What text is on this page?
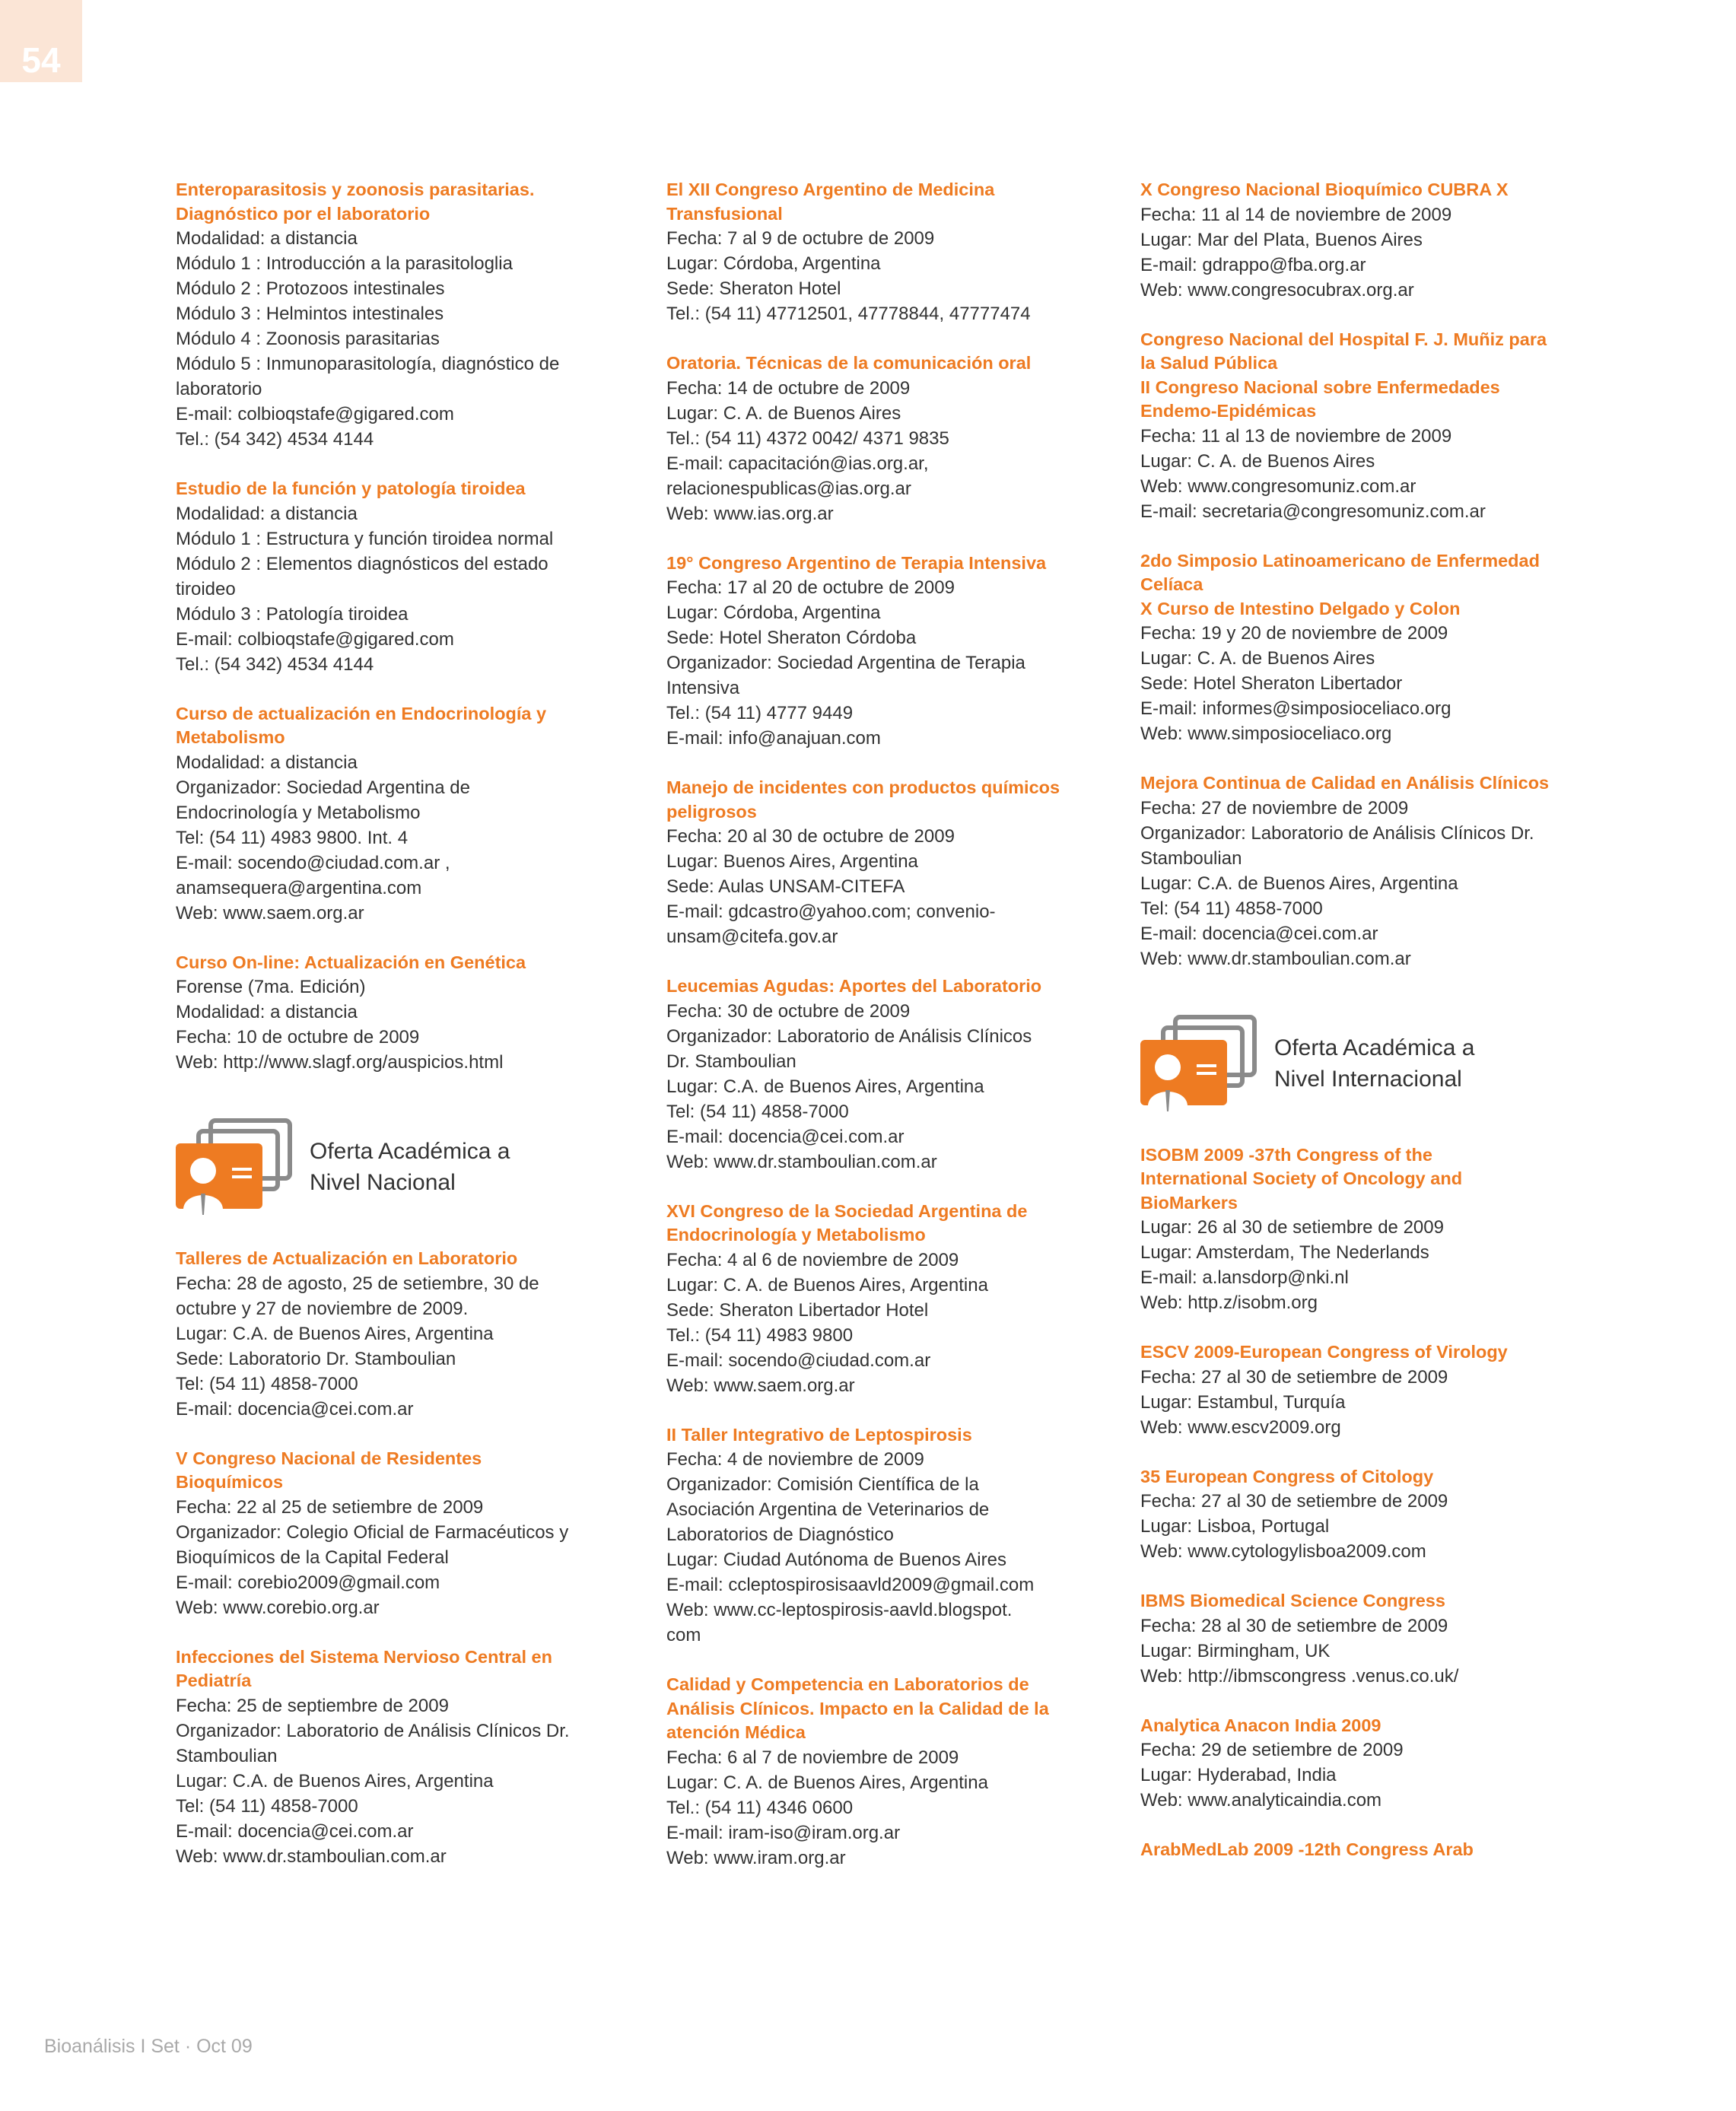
54
Enteroparasitosis y zoonosis parasitarias.
Diagnóstico por el laboratorio
Modalidad: a distancia
Módulo 1 : Introducción a la parasitologlia
Módulo 2 : Protozoos intestinales
Módulo 3 : Helmintos intestinales
Módulo 4 : Zoonosis parasitarias
Módulo 5 : Inmunoparasitología, diagnóstico de
laboratorio
E-mail: colbioqstafe@gigared.com
Tel.: (54 342) 4534 4144
Estudio de la función y patología tiroidea
Modalidad: a distancia
Módulo 1 : Estructura y función tiroidea normal
Módulo 2 : Elementos diagnósticos del estado
tiroideo
Módulo 3 : Patología tiroidea
E-mail: colbioqstafe@gigared.com
Tel.: (54 342) 4534 4144
Curso de actualización en Endocrinología y
Metabolismo
Modalidad: a distancia
Organizador: Sociedad Argentina de
Endocrinología y Metabolismo
Tel: (54 11) 4983 9800. Int. 4
E-mail: socendo@ciudad.com.ar ,
anamsequera@argentina.com
Web: www.saem.org.ar
Curso On-line: Actualización en Genética
Forense (7ma. Edición)
Modalidad: a distancia
Fecha: 10 de octubre de 2009
Web: http://www.slagf.org/auspicios.html
Oferta Académica a
Nivel Nacional
Talleres de Actualización en Laboratorio
Fecha: 28 de agosto, 25 de setiembre, 30 de
octubre y 27 de noviembre de 2009.
Lugar: C.A. de Buenos Aires, Argentina
Sede: Laboratorio Dr. Stamboulian
Tel: (54 11) 4858-7000
E-mail: docencia@cei.com.ar
V Congreso Nacional de Residentes
Bioquímicos
Fecha: 22 al 25 de setiembre de 2009
Organizador: Colegio Oficial de Farmacéuticos y
Bioquímicos de la Capital Federal
E-mail: corebio2009@gmail.com
Web: www.corebio.org.ar
Infecciones del Sistema Nervioso Central en
Pediatría
Fecha: 25 de septiembre de 2009
Organizador: Laboratorio de Análisis Clínicos Dr.
Stamboulian
Lugar: C.A. de Buenos Aires, Argentina
Tel: (54 11) 4858-7000
E-mail: docencia@cei.com.ar
Web: www.dr.stamboulian.com.ar
El XII Congreso Argentino de Medicina
Transfusional
Fecha: 7 al 9 de octubre de 2009
Lugar: Córdoba, Argentina
Sede: Sheraton Hotel
Tel.: (54 11) 47712501, 47778844, 47777474
Oratoria. Técnicas de la comunicación oral
Fecha: 14 de octubre de 2009
Lugar: C. A. de Buenos Aires
Tel.: (54 11) 4372 0042/ 4371 9835
E-mail: capacitación@ias.org.ar,
relacionespublicas@ias.org.ar
Web: www.ias.org.ar
19° Congreso Argentino de Terapia Intensiva
Fecha: 17 al 20 de octubre de 2009
Lugar: Córdoba, Argentina
Sede: Hotel Sheraton Córdoba
Organizador: Sociedad Argentina de Terapia
Intensiva
Tel.: (54 11) 4777 9449
E-mail: info@anajuan.com
Manejo de incidentes con productos químicos
peligrosos
Fecha: 20 al 30 de octubre de 2009
Lugar: Buenos Aires, Argentina
Sede: Aulas UNSAM-CITEFA
E-mail: gdcastro@yahoo.com; convenio-
unsam@citefa.gov.ar
Leucemias Agudas: Aportes del Laboratorio
Fecha: 30 de octubre de 2009
Organizador: Laboratorio de Análisis Clínicos
Dr. Stamboulian
Lugar: C.A. de Buenos Aires, Argentina
Tel: (54 11) 4858-7000
E-mail: docencia@cei.com.ar
Web: www.dr.stamboulian.com.ar
XVI Congreso de la Sociedad Argentina de
Endocrinología y Metabolismo
Fecha: 4 al 6 de noviembre de 2009
Lugar: C. A. de Buenos Aires, Argentina
Sede: Sheraton Libertador Hotel
Tel.: (54 11) 4983 9800
E-mail: socendo@ciudad.com.ar
Web: www.saem.org.ar
II Taller Integrativo de Leptospirosis
Fecha: 4 de noviembre de 2009
Organizador: Comisión Científica de la
Asociación Argentina de Veterinarios de
Laboratorios de Diagnóstico
Lugar: Ciudad Autónoma de Buenos Aires
E-mail: ccleptospirosisaavld2009@gmail.com
Web: www.cc-leptospirosis-aavld.blogspot.
com
Calidad y Competencia en Laboratorios de
Análisis Clínicos. Impacto en la Calidad de la
atención Médica
Fecha: 6 al 7 de noviembre de 2009
Lugar: C. A. de Buenos Aires, Argentina
Tel.: (54 11) 4346 0600
E-mail: iram-iso@iram.org.ar
Web: www.iram.org.ar
X Congreso Nacional Bioquímico CUBRA X
Fecha: 11 al 14 de noviembre de 2009
Lugar: Mar del Plata, Buenos Aires
E-mail: gdrappo@fba.org.ar
Web: www.congresocubrax.org.ar
Congreso Nacional del Hospital F. J. Muñiz para
la Salud Pública
II Congreso Nacional sobre Enfermedades
Endemo-Epidémicas
Fecha: 11 al 13 de noviembre de 2009
Lugar: C. A. de Buenos Aires
Web: www.congresomuniz.com.ar
E-mail: secretaria@congresomuniz.com.ar
2do Simposio Latinoamericano de Enfermedad
Celíaca
X Curso de Intestino Delgado y Colon
Fecha: 19 y 20 de noviembre de 2009
Lugar: C. A. de Buenos Aires
Sede: Hotel Sheraton Libertador
E-mail: informes@simposioceliaco.org
Web: www.simposioceliaco.org
Mejora Continua de Calidad en Análisis Clínicos
Fecha: 27 de noviembre de 2009
Organizador: Laboratorio de Análisis Clínicos Dr.
Stamboulian
Lugar: C.A. de Buenos Aires, Argentina
Tel: (54 11) 4858-7000
E-mail: docencia@cei.com.ar
Web: www.dr.stamboulian.com.ar
Oferta Académica a
Nivel Internacional
ISOBM 2009 -37th Congress of the
International Society of Oncology and
BioMarkers
Lugar: 26 al 30 de setiembre de 2009
Lugar: Amsterdam, The Nederlands
E-mail: a.lansdorp@nki.nl
Web: http.z/isobm.org
ESCV 2009-European Congress of Virology
Fecha: 27 al 30 de setiembre de 2009
Lugar: Estambul, Turquía
Web: www.escv2009.org
35 European Congress of Citology
Fecha: 27 al 30 de setiembre de 2009
Lugar: Lisboa, Portugal
Web: www.cytologylisboa2009.com
IBMS Biomedical Science Congress
Fecha: 28 al 30 de setiembre de 2009
Lugar: Birmingham, UK
Web: http://ibmscongress .venus.co.uk/
Analytica Anacon India 2009
Fecha: 29 de setiembre de 2009
Lugar: Hyderabad, India
Web: www.analyticaindia.com
ArabMedLab 2009 -12th Congress Arab
Bioanálisis I Set · Oct 09
